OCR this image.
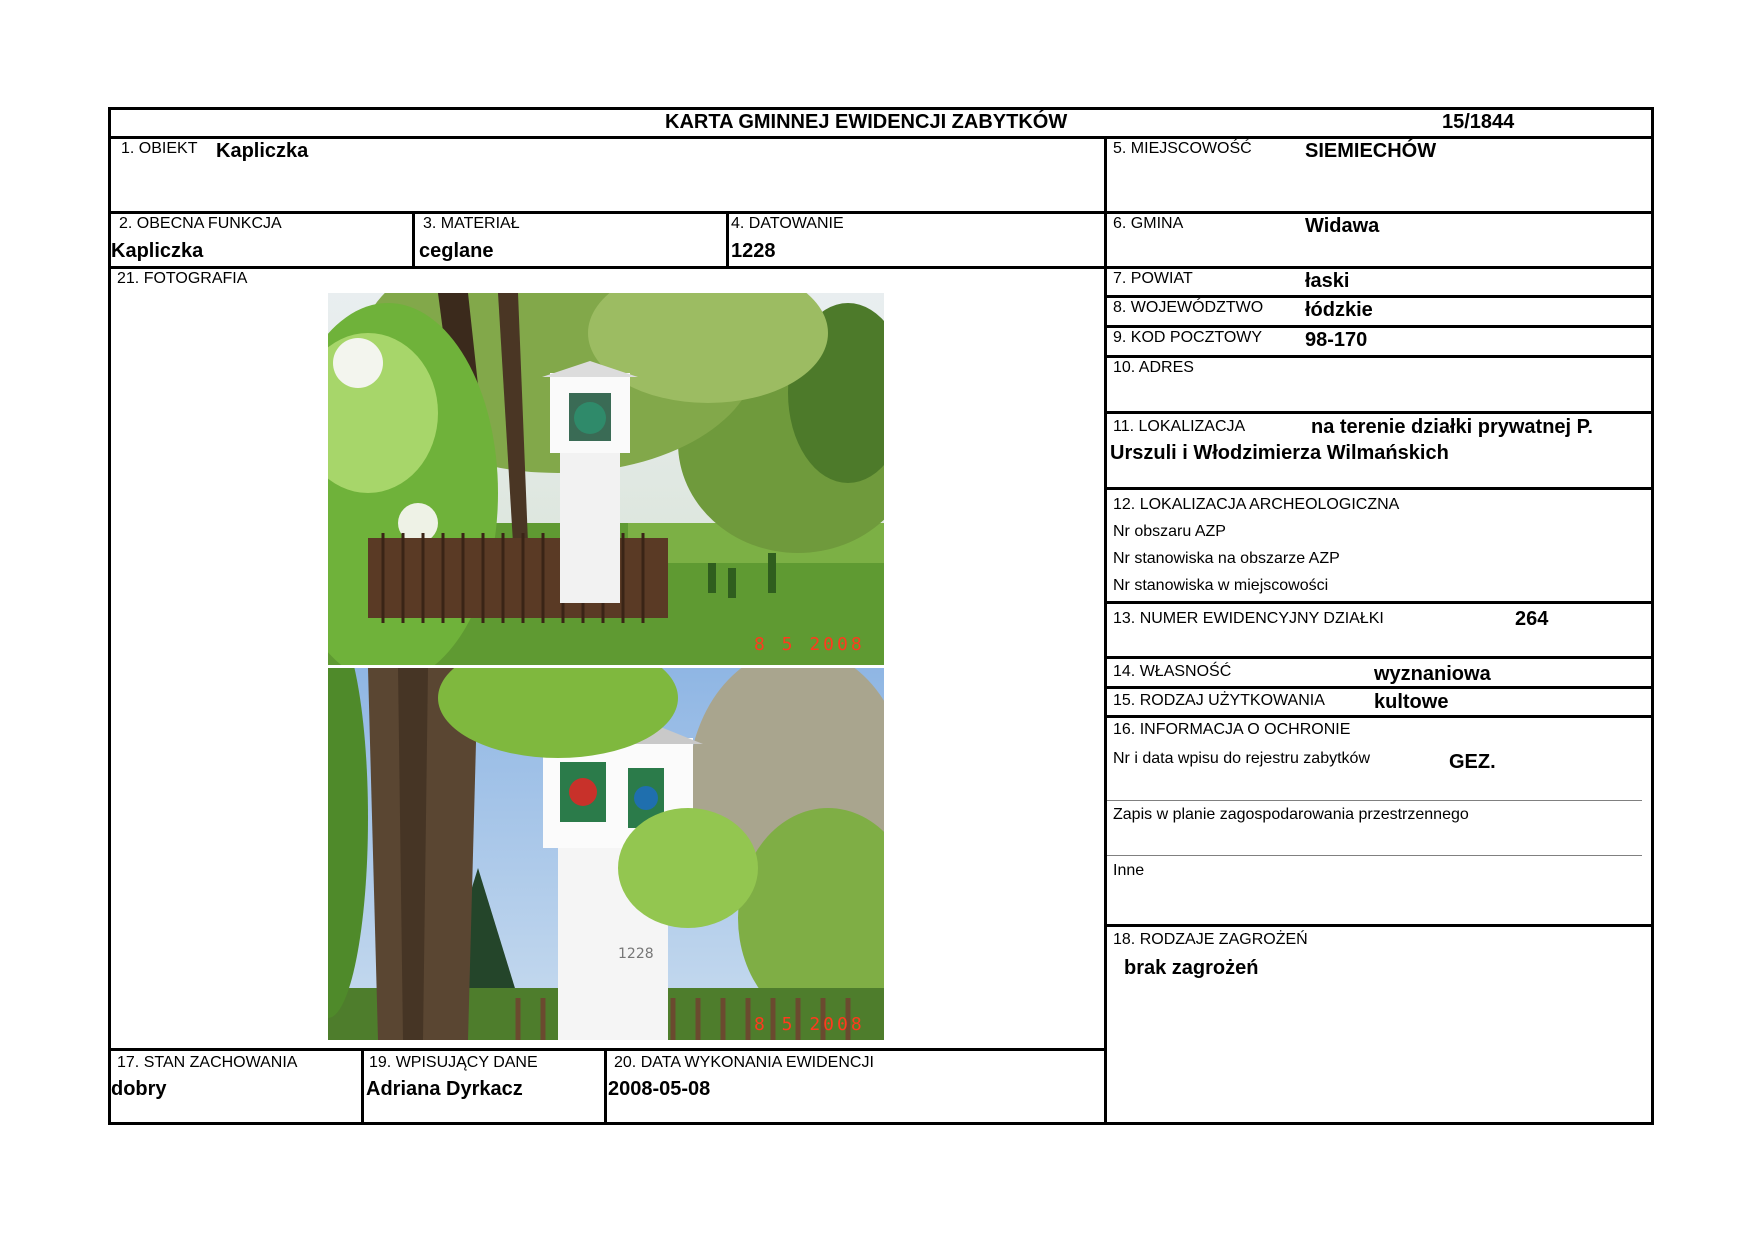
KARTA GMINNEJ EWIDENCJI ZABYTKÓW	15/1844
1. OBIEKT Kapliczka	5. MIEJSCOWOŚĆ	SIEMIECHÓW
2. OBECNA FUNKCJA
Kapliczka
3. MATERIAŁ
ceglane
4. DATOWANIE
1228
6. GMINA	Widawa
21. FOTOGRAFIA
8 5 2008
1228
8 5 2008
7. POWIAT	łaski
8. WOJEWÓDZTWO łódzkie
9. KOD POCZTOWY 98-170
10. ADRES
11. LOKALIZACJA	na terenie działki prywatnej P.
Urszuli i Włodzimierza Wilmańskich
12. LOKALIZACJA ARCHEOLOGICZNA
Nr obszaru AZP
Nr stanowiska na obszarze AZP
Nr stanowiska w miejscowości
13. NUMER EWIDENCYJNY DZIAŁKI	264
14. WŁASNOŚĆ	wyznaniowa
15. RODZAJ UŻYTKOWANIA kultowe
16. INFORMACJA O OCHRONIE
Nr i data wpisu do rejestru zabytków	GEZ.
Zapis w planie zagospodarowania przestrzennego
Inne
18. RODZAJE ZAGROŻEŃ
brak zagrożeń
17. STAN ZACHOWANIA
dobry
19. WPISUJĄCY DANE
Adriana Dyrkacz
20. DATA WYKONANIA EWIDENCJI
2008-05-08
